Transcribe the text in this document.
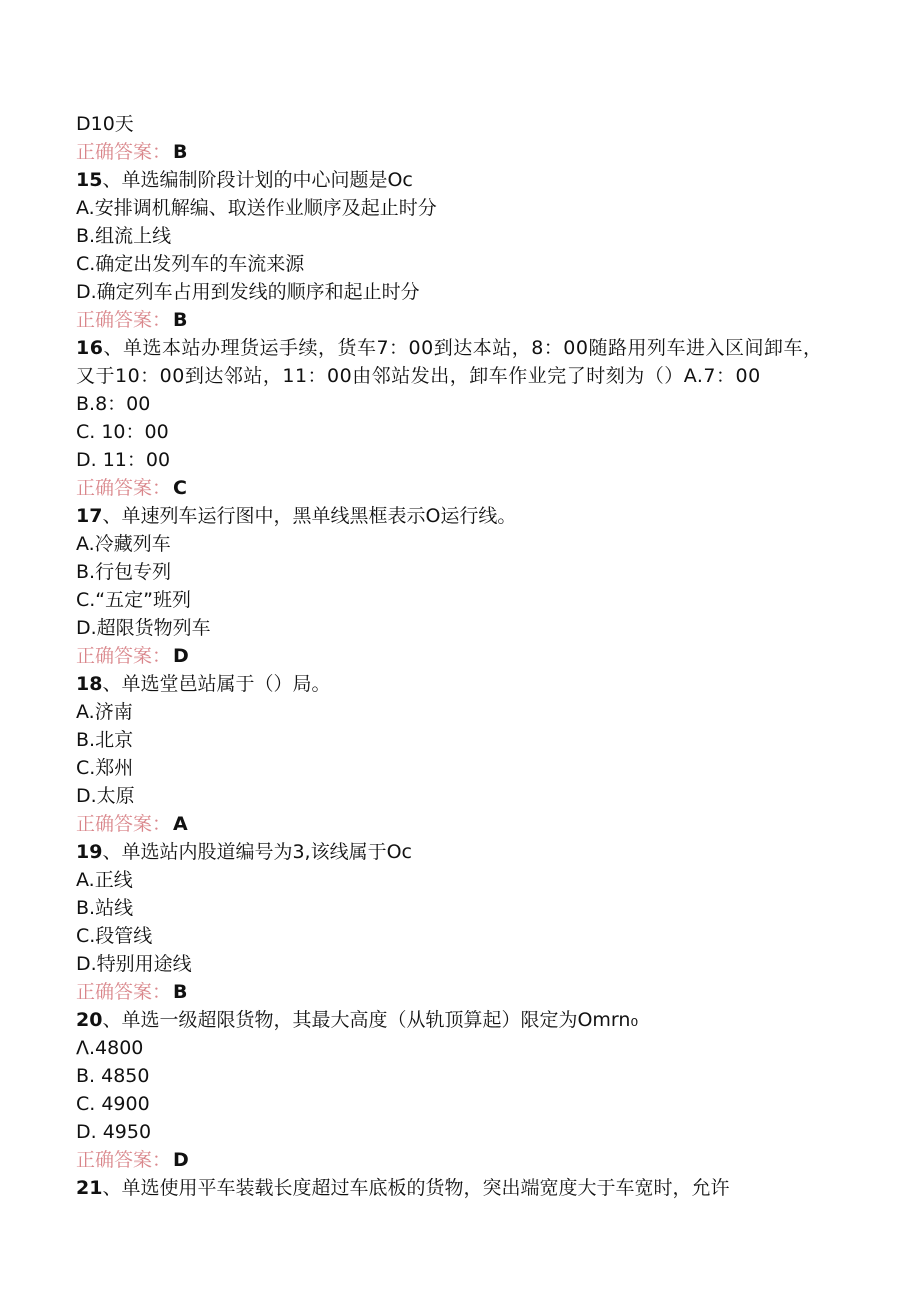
D10天
正确答案： B
15、单选编制阶段计划的中心问题是Oc
A.安排调机解编、取送作业顺序及起止时分
B.组流上线
C.确定出发列车的车流来源
D.确定列车占用到发线的顺序和起止时分
正确答案： B
16、单选本站办理货运手续，货车7：00到达本站，8：00随路用列车进入区间卸车，又于10：00到达邻站，11：00由邻站发出，卸车作业完了时刻为（）A.7：00
B.8：00
C. 10：00
D. 11：00
正确答案： C
17、单速列车运行图中，黑单线黑框表示O运行线。
A.冷藏列车
B.行包专列
C.“五定”班列
D.超限货物列车
正确答案： D
18、单选堂邑站属于（）局。
A.济南
B.北京
C.郑州
D.太原
正确答案： A
19、单选站内股道编号为3,该线属于Oc
A.正线
B.站线
C.段管线
D.特别用途线
正确答案： B
20、单选一级超限货物，其最大高度（从轨顶算起）限定为Omrn₀
Λ.4800
B. 4850
C. 4900
D. 4950
正确答案： D
21、单选使用平车装载长度超过车底板的货物，突出端宽度大于车宽时，允许
